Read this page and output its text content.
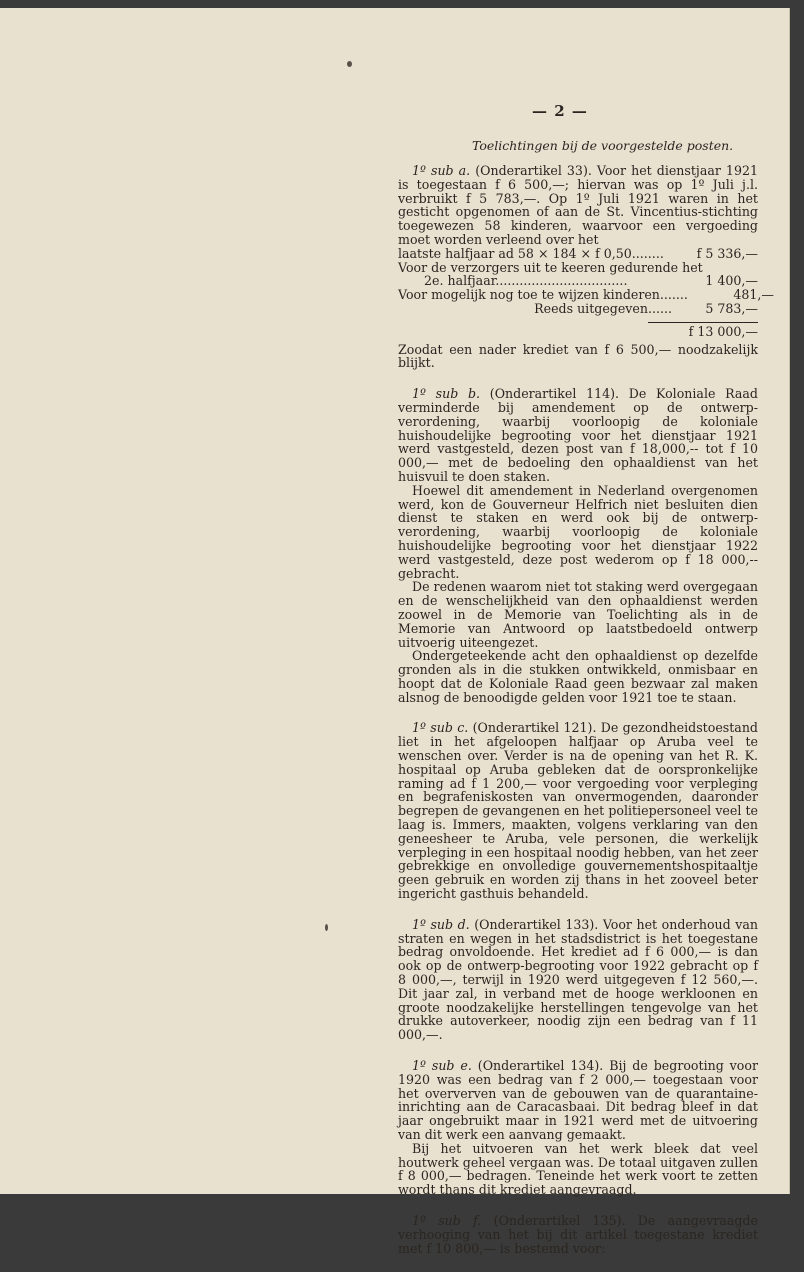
— 2 —
Toelichtingen bij de voorgestelde posten.

1º sub a. (Onderartikel 33). Voor het dienstjaar 1921 is toegestaan f 6 500,—; hiervan was op 1º Juli j.l. verbruikt f 5 783,—. Op 1º Juli 1921 waren in het gesticht opgenomen of aan de St. Vincentius-stichting toegewezen 58 kinderen, waarvoor een vergoeding moet worden verleend over het

laatste halfjaar ad 58 × 184 × f 0,50........	f 5 336,—
Voor de verzorgers uit te keeren gedurende het
2e. halfjaar.................................	1 400,—
Voor mogelijk nog toe te wijzen kinderen.......	481,—
Reeds uitgegeven......	5 783,—
f 13 000,—

Zoodat een nader krediet van f 6 500,— noodzakelijk blijkt.

1º sub b. (Onderartikel 114). De Koloniale Raad verminderde bij amendement op de ontwerp-verordening, waarbij voorloopig de koloniale huishoudelijke begrooting voor het dienstjaar 1921 werd vastgesteld, dezen post van f 18,000,-- tot f 10 000,— met de bedoeling den ophaaldienst van het huisvuil te doen staken.

Hoewel dit amendement in Nederland overgenomen werd, kon de Gouverneur Helfrich niet besluiten dien dienst te staken en werd ook bij de ontwerp-verordening, waarbij voorloopig de koloniale huishoudelijke begrooting voor het dienstjaar 1922 werd vastgesteld, deze post wederom op f 18 000,-- gebracht.

De redenen waarom niet tot staking werd overgegaan en de wenschelijkheid van den ophaaldienst werden zoowel in de Memorie van Toelichting als in de Memorie van Antwoord op laatstbedoeld ontwerp uitvoerig uiteengezet.

Ondergeteekende acht den ophaaldienst op dezelfde gronden als in die stukken ontwikkeld, onmisbaar en hoopt dat de Koloniale Raad geen bezwaar zal maken alsnog de benoodigde gelden voor 1921 toe te staan.

1º sub c. (Onderartikel 121). De gezondheidstoestand liet in het afgeloopen halfjaar op Aruba veel te wenschen over. Verder is na de opening van het R. K. hospitaal op Aruba gebleken dat de oorspronkelijke raming ad f 1 200,— voor vergoeding voor verpleging en begrafeniskosten van onvermogenden, daaronder begrepen de gevangenen en het politiepersoneel veel te laag is. Immers, maakten, volgens verklaring van den geneesheer te Aruba, vele personen, die werkelijk verpleging in een hospitaal noodig hebben, van het zeer gebrekkige en onvolledige gouvernementshospitaaltje geen gebruik en worden zij thans in het zooveel beter ingericht gasthuis behandeld.

1º sub d. (Onderartikel 133). Voor het onderhoud van straten en wegen in het stadsdistrict is het toegestane bedrag onvoldoende. Het krediet ad f 6 000,— is dan ook op de ontwerp-begrooting voor 1922 gebracht op f 8 000,—, terwijl in 1920 werd uitgegeven f 12 560,—. Dit jaar zal, in verband met de hooge werkloonen en groote noodzakelijke herstellingen tengevolge van het drukke autoverkeer, noodig zijn een bedrag van f 11 000,—.

1º sub e. (Onderartikel 134). Bij de begrooting voor 1920 was een bedrag van f 2 000,— toegestaan voor het oververven van de gebouwen van de quarantaine-inrichting aan de Caracasbaai. Dit bedrag bleef in dat jaar ongebruikt maar in 1921 werd met de uitvoering van dit werk een aanvang gemaakt.

Bij het uitvoeren van het werk bleek dat veel houtwerk geheel vergaan was. De totaal uitgaven zullen f 8 000,— bedragen. Teneinde het werk voort te zetten wordt thans dit krediet aangevraagd.

1º sub f. (Onderartikel 135). De aangevraagde verhooging van het bij dit artikel toegestane krediet met f 10 800,— is bestemd voor:
